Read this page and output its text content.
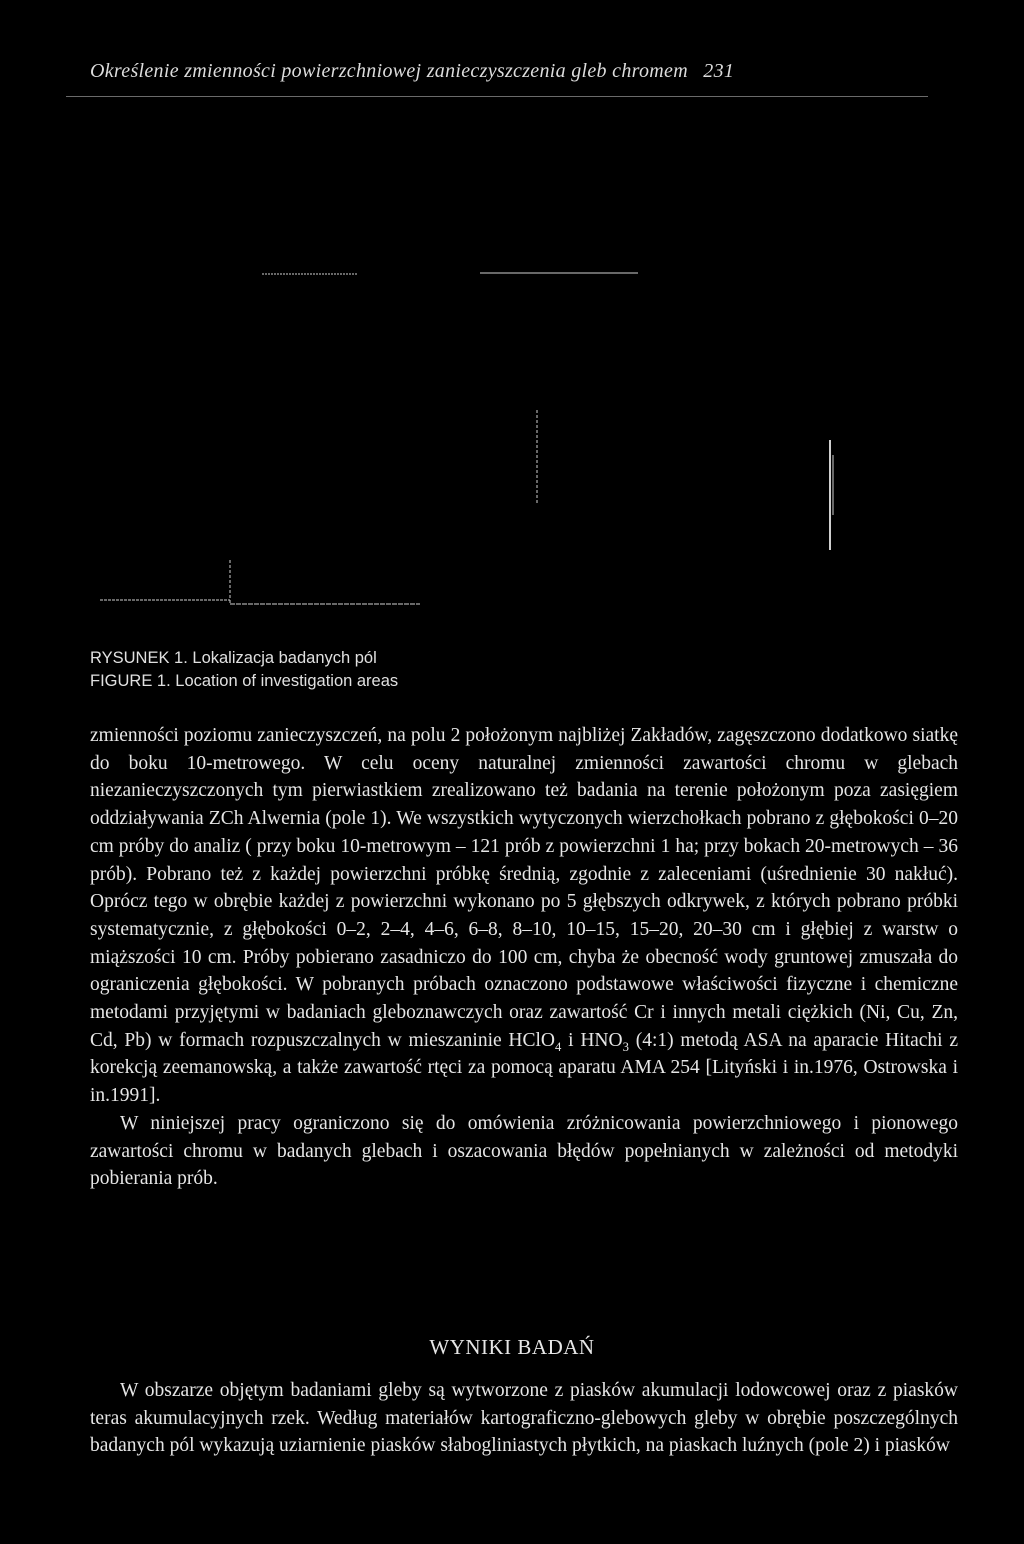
Określenie zmienności powierzchniowej zanieczyszczenia gleb chromem 231
RYSUNEK 1. Lokalizacja badanych pól
FIGURE 1. Location of investigation areas

zmienności poziomu zanieczyszczeń, na polu 2 położonym najbliżej Zakładów, zagęszczono dodatkowo siatkę do boku 10-metrowego. W celu oceny naturalnej zmienności zawartości chromu w glebach niezanieczyszczonych tym pierwiastkiem zrealizowano też badania na terenie położonym poza zasięgiem oddziaływania ZCh Alwernia (pole 1). We wszystkich wytyczonych wierzchołkach pobrano z głębokości 0–20 cm próby do analiz ( przy boku 10-metrowym – 121 prób z powierzchni 1 ha; przy bokach 20-metrowych – 36 prób). Pobrano też z każdej powierzchni próbkę średnią, zgodnie z zaleceniami (uśrednienie 30 nakłuć). Oprócz tego w obrębie każdej z powierzchni wykonano po 5 głębszych odkrywek, z których pobrano próbki systematycznie, z głębokości 0–2, 2–4, 4–6, 6–8, 8–10, 10–15, 15–20, 20–30 cm i głębiej z warstw o miąższości 10 cm. Próby pobierano zasadniczo do 100 cm, chyba że obecność wody gruntowej zmuszała do ograniczenia głębokości. W pobranych próbach oznaczono podstawowe właściwości fizyczne i chemiczne metodami przyjętymi w badaniach gleboznawczych oraz zawartość Cr i innych metali ciężkich (Ni, Cu, Zn, Cd, Pb) w formach rozpuszczalnych w mieszaninie HClO$_4$ i $HNO_3$ (4:1) metodą ASA na aparacie Hitachi z korekcją zeemanowską, a także zawartość rtęci za pomocą aparatu AMA 254 [Lityński i in.1976, Ostrowska i in.1991].

W niniejszej pracy ograniczono się do omówienia zróżnicowania powierzchniowego i pionowego zawartości chromu w badanych glebach i oszacowania błędów popełnianych w zależności od metodyki pobierania prób.

WYNIKI BADAŃ

W obszarze objętym badaniami gleby są wytworzone z piasków akumulacji lodowcowej oraz z piasków teras akumulacyjnych rzek. Według materiałów kartograficzno-glebowych gleby w obrębie poszczególnych badanych pól wykazują uziarnienie piasków słabogliniastych płytkich, na piaskach luźnych (pole 2) i piasków
